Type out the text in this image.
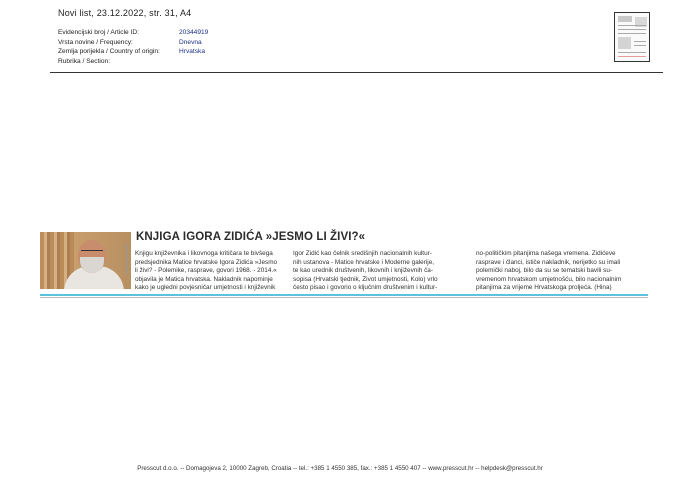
Novi list, 23.12.2022, str. 31, A4
Evidencijski broj / Article ID:	20344919
Vrsta novine / Frequency:	Dnevna
Zemlja porijekla / Country of origin:	Hrvatska
Rubrika / Section:
KNJIGA IGORA ZIDIĆA »JESMO LI ŽIVI?«
Knjigu književnika i likovnoga kritičara te bivšega
predsjednika Matice hrvatske Igora Zidića »Jesmo
li živi? - Polemike, rasprave, govori 1968. - 2014.«
objavila je Matica hrvatska. Nakladnik napominje
kako je ugledni povjesničar umjetnosti i književnik
Igor Zidić kao čelnik središnjih nacionalnih kultur-
nih ustanova - Matice hrvatske i Moderne galerije,
te kao urednik društvenih, likovnih i književnih ča-
sopisa (Hrvatski tjednik, Život umjetnosti, Kolo) vrlo
često pisao i govorio o ključnim društvenim i kultur-
no-političkim pitanjima našega vremena. Zidićeve
rasprave i članci, ističe nakladnik, nerijetko su imali
polemički naboj, bilo da su se tematski bavili su-
vremenom hrvatskom umjetnošću, bilo nacionalnim
pitanjima za vrijeme Hrvatskoga proljeća. (Hina)
Presscut d.o.o. -- Domagojeva 2, 10000 Zagreb, Croatia -- tel.: +385 1 4550 385, fax.: +385 1 4550 407 -- www.presscut.hr -- helpdesk@presscut.hr
